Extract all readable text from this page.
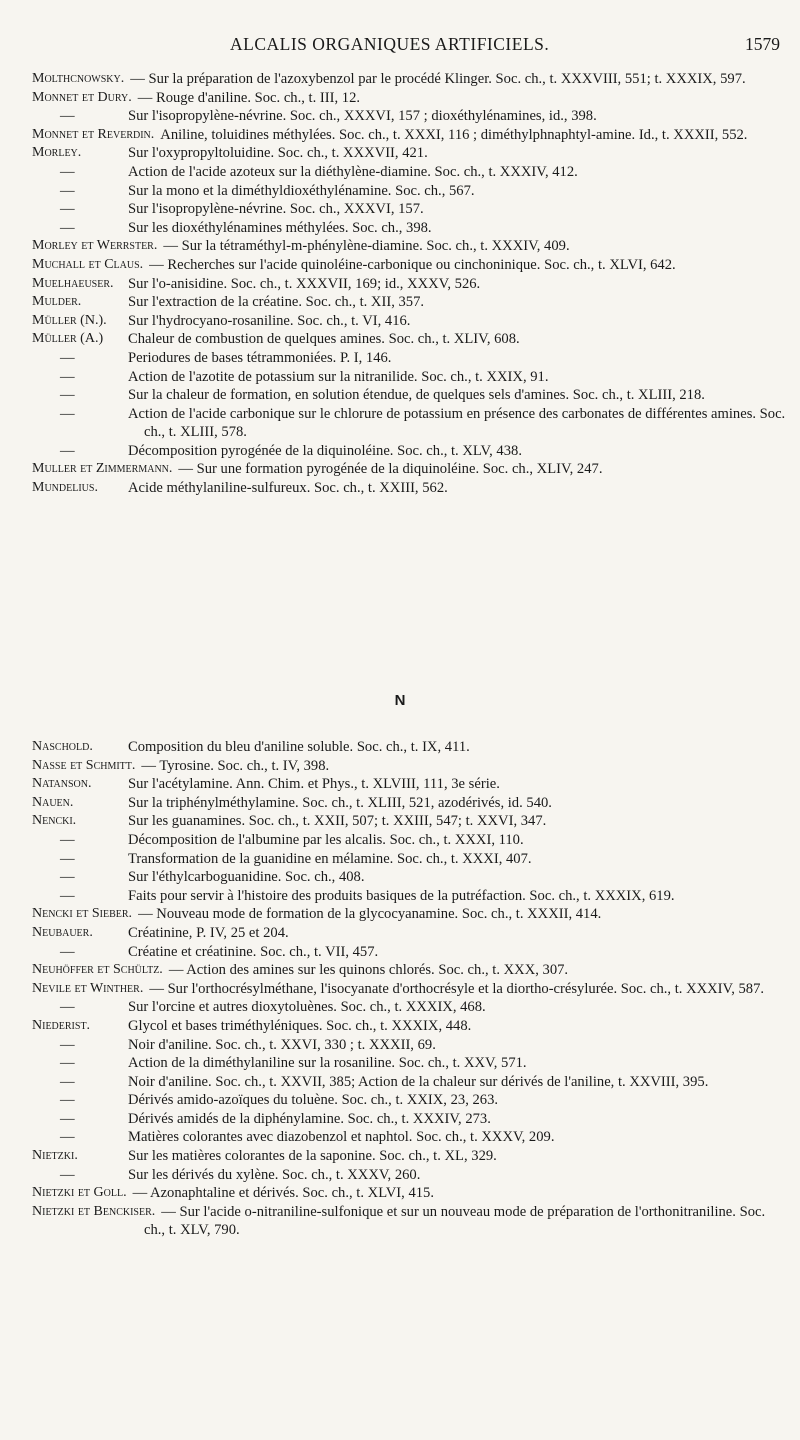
ALCALIS ORGANIQUES ARTIFICIELS.	1579
Molthcnowsky. — Sur la préparation de l'azoxybenzol par le procédé Klinger. Soc. ch., t. XXXVIII, 551; t. XXXIX, 597.
Monnet et Dury. — Rouge d'aniline. Soc. ch., t. III, 12.
—	Sur l'isopropylène-névrine. Soc. ch., XXXVI, 157 ; dioxéthylénamines, id., 398.
Monnet et Reverdin. Aniline, toluidines méthylées. Soc. ch., t. XXXI, 116 ; diméthylphnaphtyl-amine. Id., t. XXXII, 552.
Morley.	Sur l'oxypropyltoluidine. Soc. ch., t. XXXVII, 421.
—	Action de l'acide azoteux sur la diéthylène-diamine. Soc. ch., t. XXXIV, 412.
—	Sur la mono et la diméthyldioxéthylénamine. Soc. ch., 567.
—	Sur l'isopropylène-névrine. Soc. ch., XXXVI, 157.
—	Sur les dioxéthylénamines méthylées. Soc. ch., 398.
Morley et Werrster. — Sur la tétraméthyl-m-phénylène-diamine. Soc. ch., t. XXXIV, 409.
Muchall et Claus. — Recherches sur l'acide quinoléine-carbonique ou cinchoninique. Soc. ch., t. XLVI, 642.
Muelhaeuser. Sur l'o-anisidine. Soc. ch., t. XXXVII, 169; id., XXXV, 526.
Mulder.	Sur l'extraction de la créatine. Soc. ch., t. XII, 357.
Müller (N.).	Sur l'hydrocyano-rosaniline. Soc. ch., t. VI, 416.
Müller (A.)	Chaleur de combustion de quelques amines. Soc. ch., t. XLIV, 608.
—	Periodures de bases tétrammoniées. P. I, 146.
—	Action de l'azotite de potassium sur la nitranilide. Soc. ch., t. XXIX, 91.
—	Sur la chaleur de formation, en solution étendue, de quelques sels d'amines. Soc. ch., t. XLIII, 218.
—	Action de l'acide carbonique sur le chlorure de potassium en présence des carbonates de différentes amines. Soc. ch., t. XLIII, 578.
—	Décomposition pyrogénée de la diquinoléine. Soc. ch., t. XLV, 438.
Muller et Zimmermann. — Sur une formation pyrogénée de la diquinoléine. Soc. ch., XLIV, 247.
Mundelius.	Acide méthylaniline-sulfureux. Soc. ch., t. XXIII, 562.
N
Naschold.	Composition du bleu d'aniline soluble. Soc. ch., t. IX, 411.
Nasse et Schmitt. — Tyrosine. Soc. ch., t. IV, 398.
Natanson.	Sur l'acétylamine. Ann. Chim. et Phys., t. XLVIII, 111, 3e série.
Nauen.	Sur la triphénylméthylamine. Soc. ch., t. XLIII, 521, azodérivés, id. 540.
Nencki.	Sur les guanamines. Soc. ch., t. XXII, 507; t. XXIII, 547; t. XXVI, 347.
—	Décomposition de l'albumine par les alcalis. Soc. ch., t. XXXI, 110.
—	Transformation de la guanidine en mélamine. Soc. ch., t. XXXI, 407.
—	Sur l'éthylcarboguanidine. Soc. ch., 408.
—	Faits pour servir à l'histoire des produits basiques de la putréfaction. Soc. ch., t. XXXIX, 619.
Nencki et Sieber. — Nouveau mode de formation de la glycocyanamine. Soc. ch., t. XXXII, 414.
Neubauer.	Créatinine, P. IV, 25 et 204.
—	Créatine et créatinine. Soc. ch., t. VII, 457.
Neuhöffer et Schültz. — Action des amines sur les quinons chlorés. Soc. ch., t. XXX, 307.
Nevile et Winther. — Sur l'orthocrésylméthane, l'isocyanate d'orthocrésyle et la diortho-crésylurée. Soc. ch., t. XXXIV, 587.
—	Sur l'orcine et autres dioxytoluènes. Soc. ch., t. XXXIX, 468.
Niederist.	Glycol et bases triméthyléniques. Soc. ch., t. XXXIX, 448.
—	Noir d'aniline. Soc. ch., t. XXVI, 330 ; t. XXXII, 69.
—	Action de la diméthylaniline sur la rosaniline. Soc. ch., t. XXV, 571.
—	Noir d'aniline. Soc. ch., t. XXVII, 385; Action de la chaleur sur dérivés de l'aniline, t. XXVIII, 395.
—	Dérivés amido-azoïques du toluène. Soc. ch., t. XXIX, 23, 263.
—	Dérivés amidés de la diphénylamine. Soc. ch., t. XXXIV, 273.
—	Matières colorantes avec diazobenzol et naphtol. Soc. ch., t. XXXV, 209.
Nietzki.	Sur les matières colorantes de la saponine. Soc. ch., t. XL, 329.
—	Sur les dérivés du xylène. Soc. ch., t. XXXV, 260.
Nietzki et Goll. — Azonaphtaline et dérivés. Soc. ch., t. XLVI, 415.
Nietzki et Benckiser. — Sur l'acide o-nitraniline-sulfonique et sur un nouveau mode de préparation de l'orthonitraniline. Soc. ch., t. XLV, 790.
